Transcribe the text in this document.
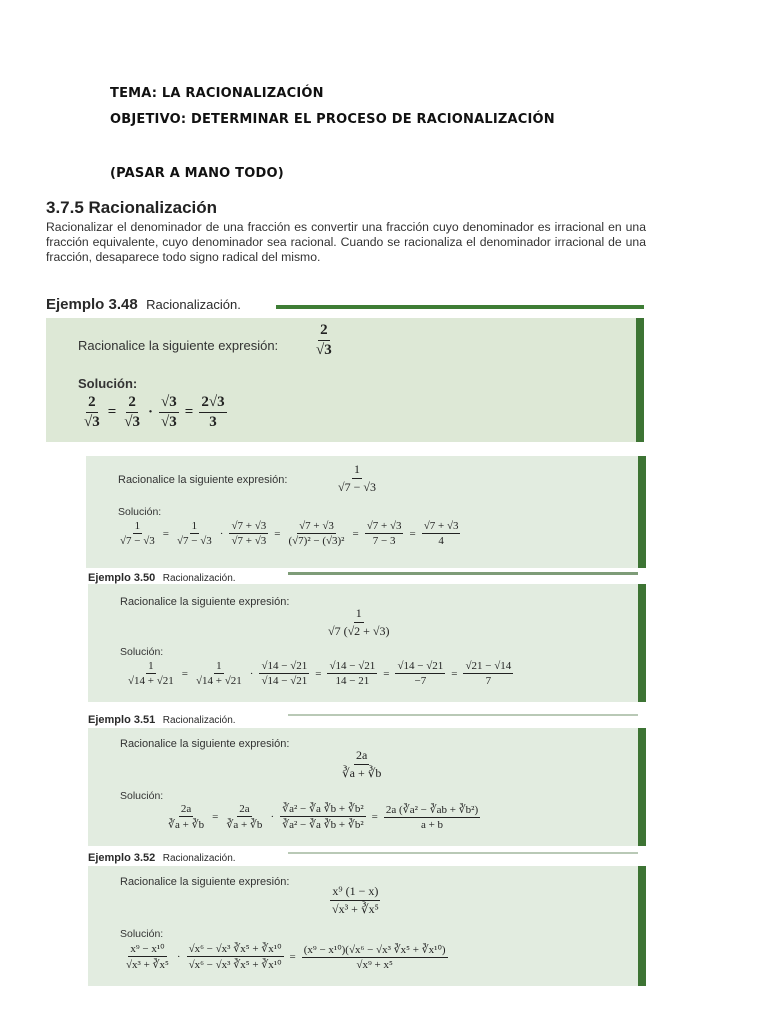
TEMA: LA RACIONALIZACIÓN
OBJETIVO: DETERMINAR EL PROCESO DE RACIONALIZACIÓN
(PASAR A MANO TODO)
3.7.5 Racionalización

Racionalizar el denominador de una fracción es convertir una fracción cuyo denominador es irracional en una fracción equivalente, cuyo denominador sea racional. Cuando se racionaliza el denominador irracional de una fracción, desaparece todo signo radical del mismo.

Ejemplo 3.48 Racionalización.
Racionalice la siguiente expresión: $\frac{2}{√3}$
Solución:
$\frac{2}{√3} = \frac{2}{√3} \cdot \frac{√3}{√3} = \frac{2√3}{3}$
Racionalice la siguiente expresión:	$\frac{1}{√7 - √3}$
Solución:
$\frac{1}{√7 - √3} = \frac{1}{√7 - √3} \cdot \frac{√7 + √3}{√7 + √3} = \frac{√7 + √3}{\text{(√7)² − (√3)²}} = \frac{√7 + √3}{7 - 3} = \frac{√7 + √3}{4}$
Ejemplo 3.50 Racionalización.
Racionalice la siguiente expresión:
$\frac{1}{√7 (√2 + √3)}$
Solución:
$\frac{1}{√14 + √21} = \frac{1}{√14 + √21} \cdot \frac{√14 - √21}{√14 - √21} = \frac{√14 - √21}{14 - 21} = \frac{√14 - √21}{-7} = \frac{√21 - √14}{7}$
Ejemplo 3.51 Racionalización.
Racionalice la siguiente expresión:
$\frac{2a}{∛a + ∛b}$
Solución:
$\frac{2a}{∛a + ∛b} = \frac{2a}{∛a + ∛b} \cdot \frac{\text{∛a² − ∛a ∛b + ∛b²}}{\text{∛a² − ∛a ∛b + ∛b²}} = \frac{\text{2a (∛a² − ∛ab + ∛b²)}}{a + b}$
Ejemplo 3.52 Racionalización.
Racionalice la siguiente expresión:
$\frac{\text{x⁹ (1 − x)}}{\text{√x³ + ∛x⁵}}$
Solución:
$\frac{\text{x⁹ − x¹⁰}}{\text{√x³ + ∛x⁵}} \cdot \frac{\text{√x⁶ − √x³ ∛x⁵ + ∛x¹⁰}}{\text{√x⁶ − √x³ ∛x⁵ + ∛x¹⁰}} = \frac{\text{(x⁹ − x¹⁰)(√x⁶ − √x³ ∛x⁵ + ∛x¹⁰)}}{\text{√x⁹ + x⁵}}$
